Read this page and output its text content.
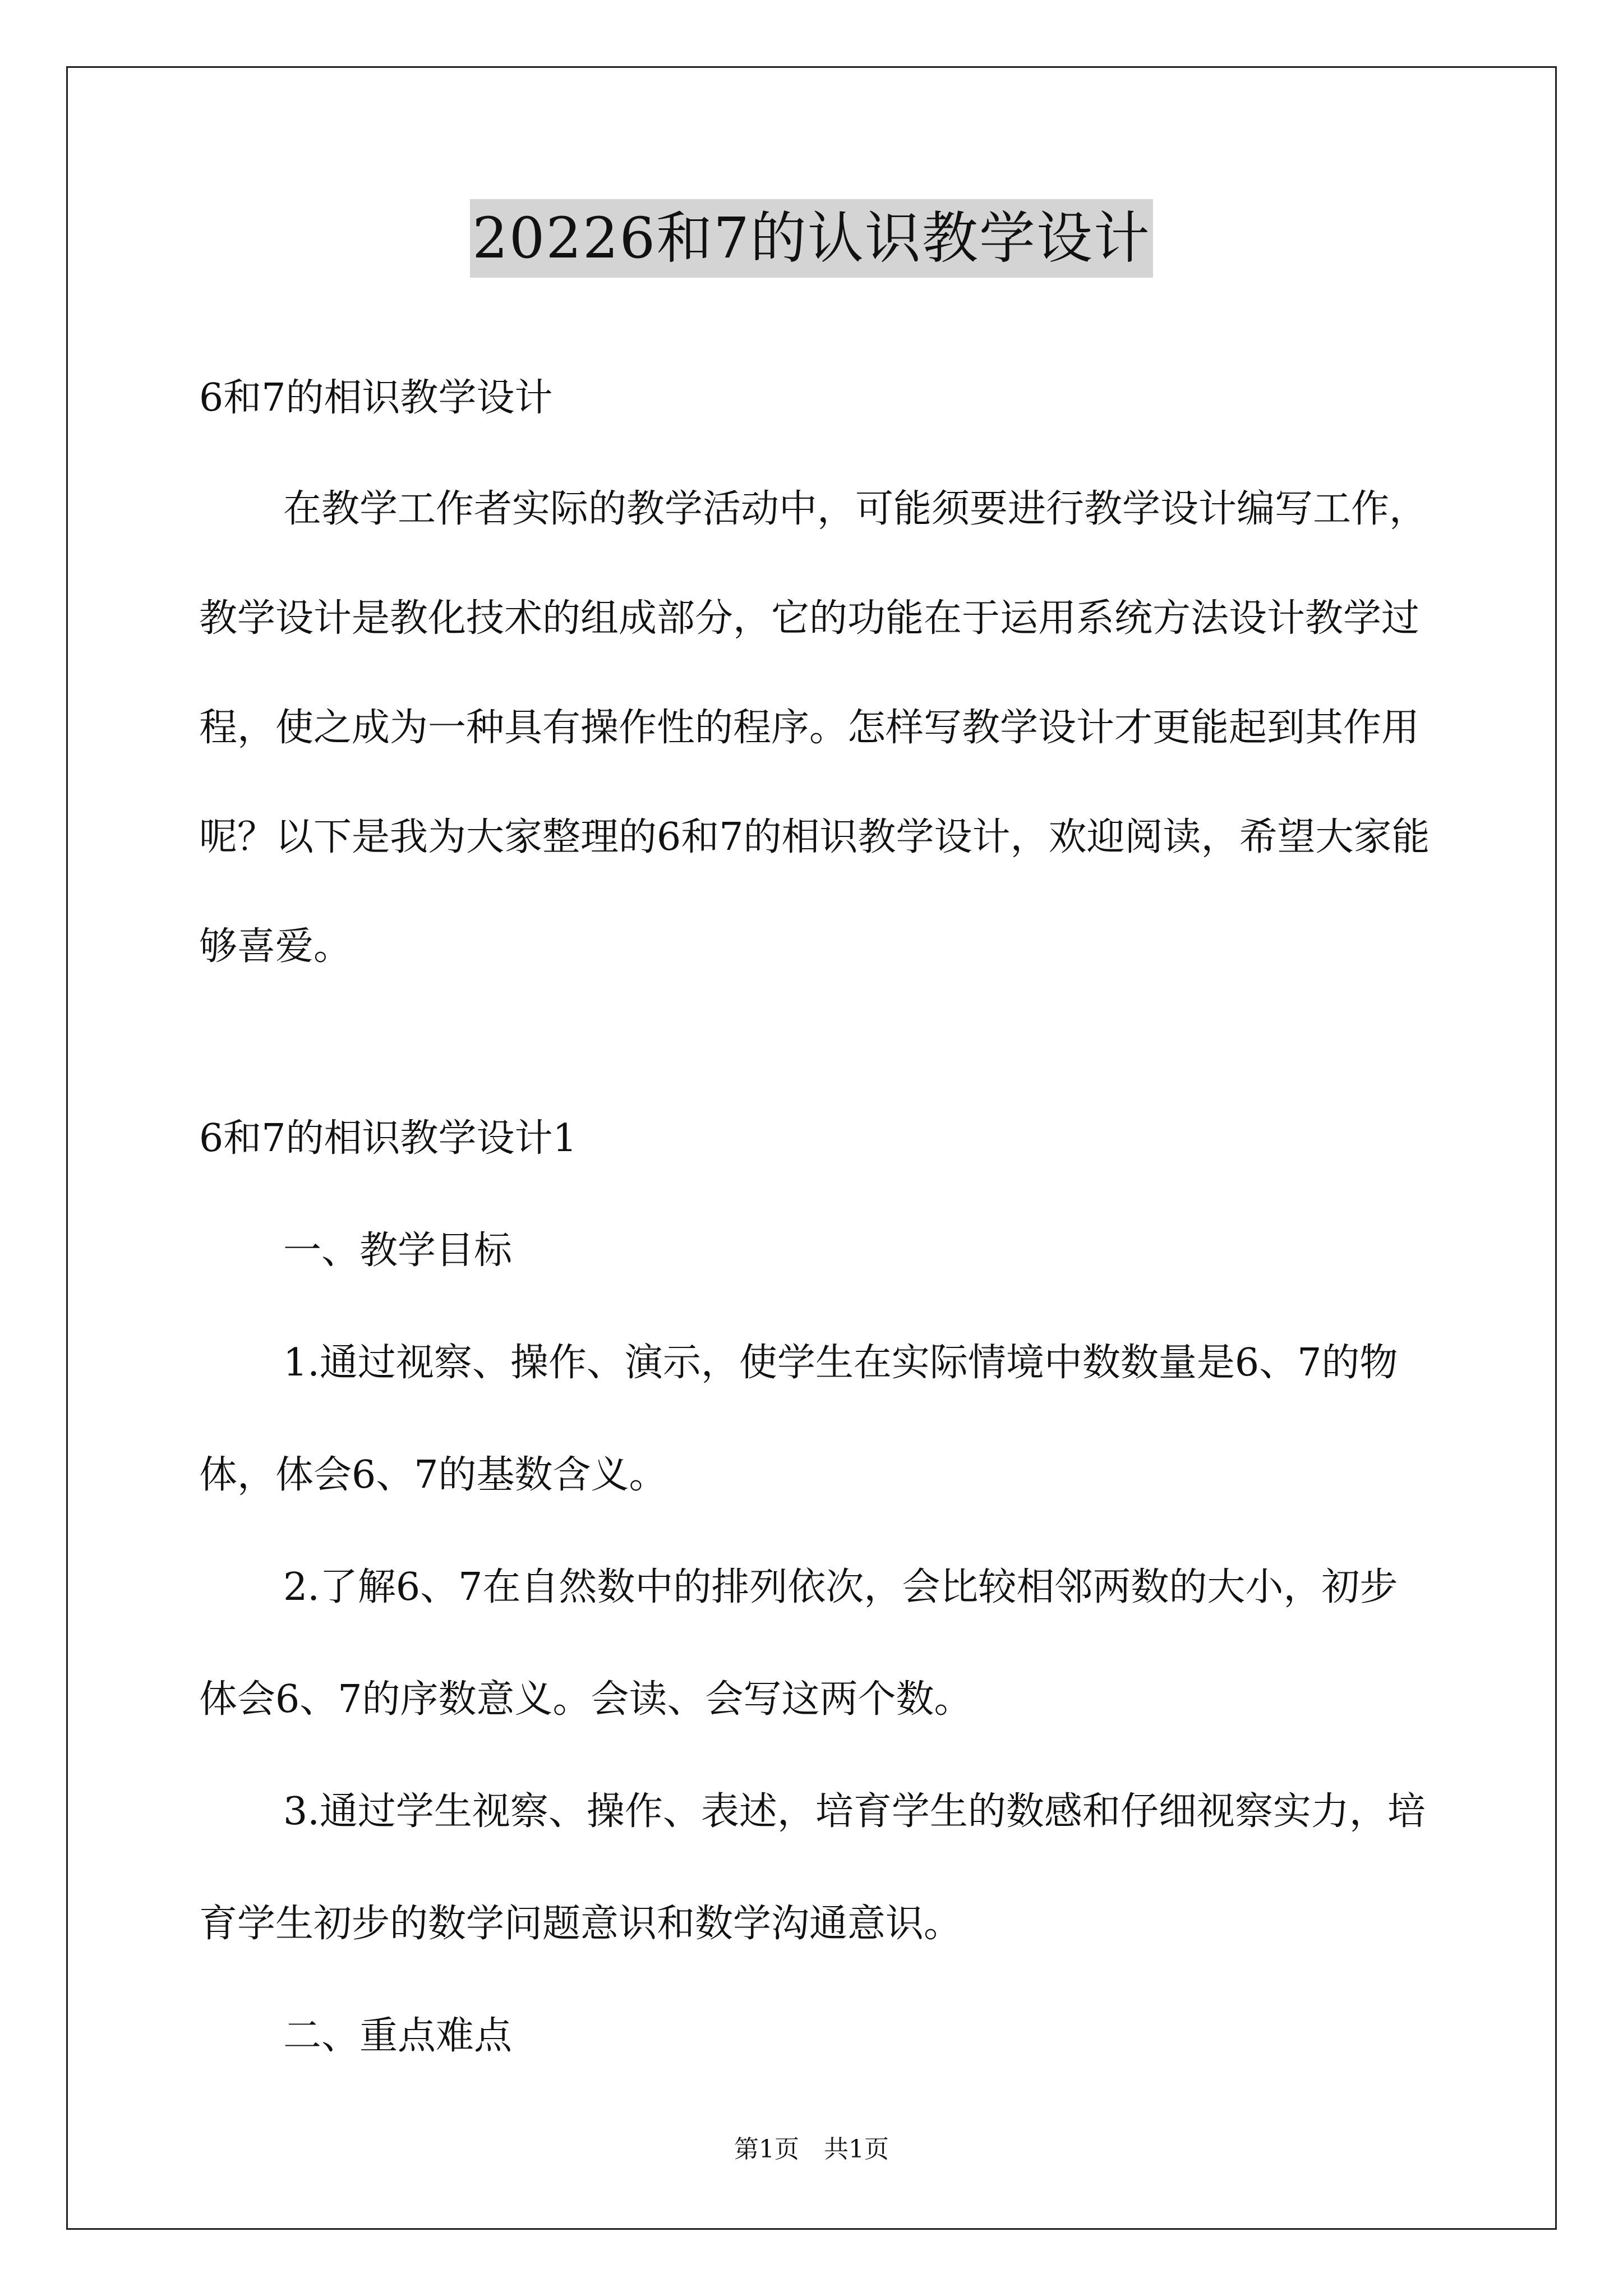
20226和7的认识教学设计

6和7的相识教学设计

在教学工作者实际的教学活动中，可能须要进行教学设计编写工作，教学设计是教化技术的组成部分，它的功能在于运用系统方法设计教学过程，使之成为一种具有操作性的程序。怎样写教学设计才更能起到其作用呢？以下是我为大家整理的6和7的相识教学设计，欢迎阅读，希望大家能够喜爱。

6和7的相识教学设计1

一、教学目标

1.通过视察、操作、演示，使学生在实际情境中数数量是6、7的物体，体会6、7的基数含义。

2.了解6、7在自然数中的排列依次，会比较相邻两数的大小，初步体会6、7的序数意义。会读、会写这两个数。

3.通过学生视察、操作、表述，培育学生的数感和仔细视察实力，培育学生初步的数学问题意识和数学沟通意识。

二、重点难点

第1页　共1页
